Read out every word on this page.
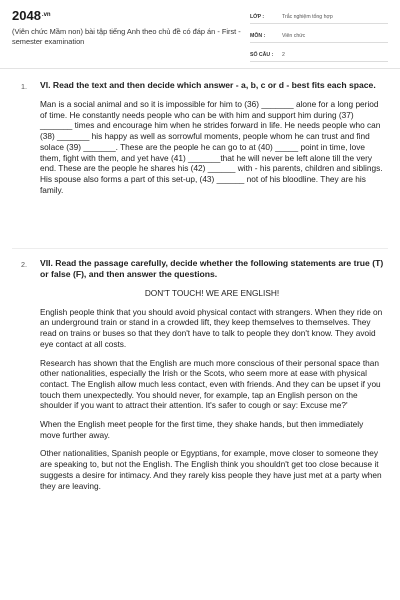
$2048^{.vn}$
(Viên chức Mầm non) bài tập tiếng Anh theo chủ đề có đáp án - First - semester examination
LỚP :	Trắc nghiệm tổng hợp
MÔN :	Viên chức
SỐ CÂU :	2
1. VI. Read the text and then decide which answer - a, b, c or d - best fits each space.

Man is a social animal and so it is impossible for him to (36) _______ alone for a long period of time. He constantly needs people who can be with him and support him during (37) _______ times and encourage him when he strides forward in life. He needs people who can (38) _______ his happy as well as sorrowful moments, people whom he can trust and find solace (39) _______. These are the people he can go to at (40) _____ point in time, love them, fight with them, and yet have (41) _______that he will never be left alone till the very end. These are the people he shares his (42) ______ with - his parents, children and siblings. His spouse also forms a part of this set-up, (43) ______ not of his bloodline. They are his family.

2. VII. Read the passage carefully, decide whether the following statements are true (T) or false (F), and then answer the questions.

DON'T TOUCH! WE ARE ENGLISH!

English people think that you should avoid physical contact with strangers. When they ride on an underground train or stand in a crowded lift, they keep themselves to themselves. They read on trains or buses so that they don't have to talk to people they don't know. They avoid eye contact at all costs.

Research has shown that the English are much more conscious of their personal space than other nationalities, especially the Irish or the Scots, who seem more at ease with physical contact. The English allow much less contact, even with friends. And they can be upset if you touch them unexpectedly. You should never, for example, tap an English person on the shoulder if you want to attract their attention. It's safer to cough or say: Excuse me?'

When the English meet people for the first time, they shake hands, but then immediately move further away.

Other nationalities, Spanish people or Egyptians, for example, move closer to someone they are speaking to, but not the English. The English think you shouldn't get too close because it suggests a desire for intimacy. And they rarely kiss people they have just met at a party when they are leaving.
